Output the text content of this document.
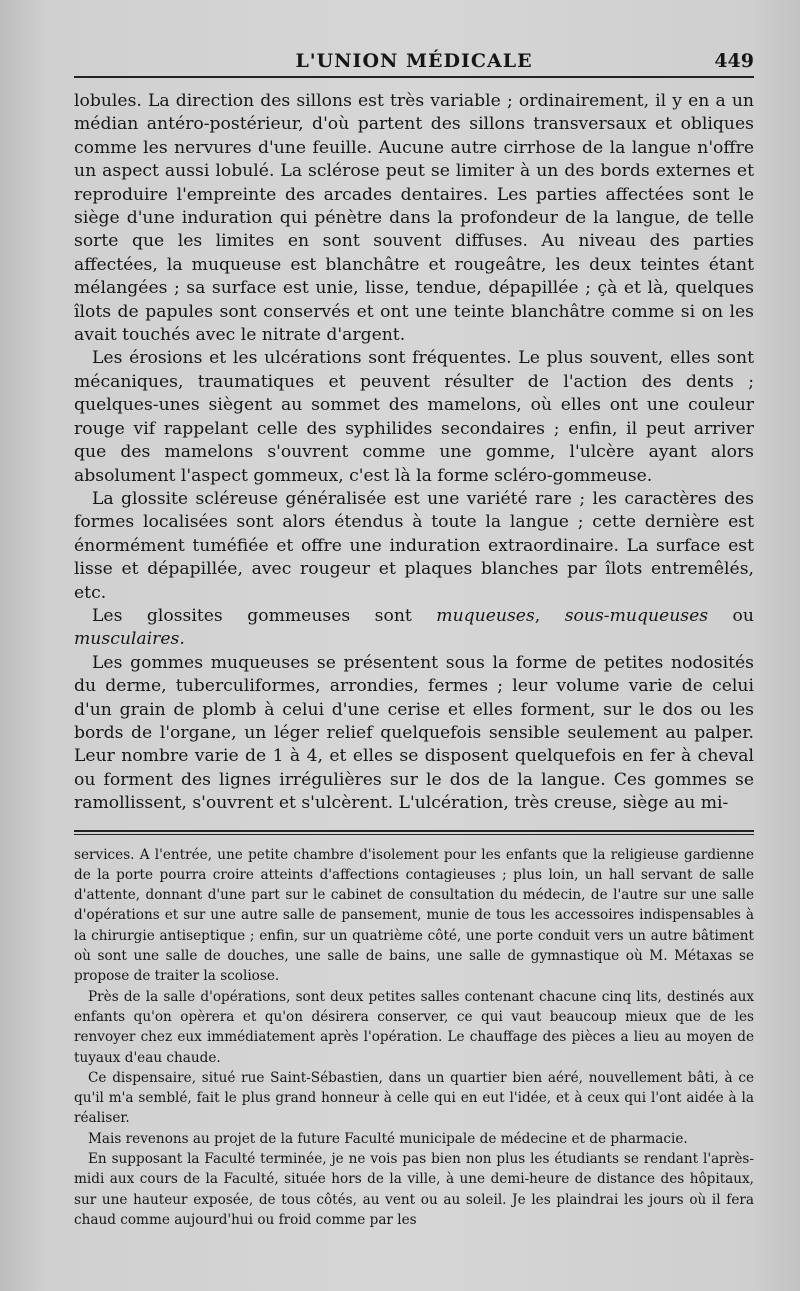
L'UNION MÉDICALE	449

lobules. La direction des sillons est très variable ; ordinairement, il y en a un médian antéro-postérieur, d'où partent des sillons transversaux et obliques comme les nervures d'une feuille. Aucune autre cirrhose de la langue n'offre un aspect aussi lobulé. La sclérose peut se limiter à un des bords externes et reproduire l'empreinte des arcades dentaires. Les parties affectées sont le siège d'une induration qui pénètre dans la profondeur de la langue, de telle sorte que les limites en sont souvent diffuses. Au niveau des parties affectées, la muqueuse est blanchâtre et rougeâtre, les deux teintes étant mélangées ; sa surface est unie, lisse, tendue, dépapillée ; çà et là, quelques îlots de papules sont conservés et ont une teinte blanchâtre comme si on les avait touchés avec le nitrate d'argent.

Les érosions et les ulcérations sont fréquentes. Le plus souvent, elles sont mécaniques, traumatiques et peuvent résulter de l'action des dents ; quelques-unes siègent au sommet des mamelons, où elles ont une couleur rouge vif rappelant celle des syphilides secondaires ; enfin, il peut arriver que des mamelons s'ouvrent comme une gomme, l'ulcère ayant alors absolument l'aspect gommeux, c'est là la forme scléro-gommeuse.

La glossite scléreuse généralisée est une variété rare ; les caractères des formes localisées sont alors étendus à toute la langue ; cette dernière est énormément tuméfiée et offre une induration extraordinaire. La surface est lisse et dépapillée, avec rougeur et plaques blanches par îlots entremêlés, etc.

Les glossites gommeuses sont muqueuses, sous-muqueuses ou musculaires.

Les gommes muqueuses se présentent sous la forme de petites nodosités du derme, tuberculiformes, arrondies, fermes ; leur volume varie de celui d'un grain de plomb à celui d'une cerise et elles forment, sur le dos ou les bords de l'organe, un léger relief quelquefois sensible seulement au palper. Leur nombre varie de 1 à 4, et elles se disposent quelquefois en fer à cheval ou forment des lignes irrégulières sur le dos de la langue. Ces gommes se ramollissent, s'ouvrent et s'ulcèrent. L'ulcération, très creuse, siège au mi-

services. A l'entrée, une petite chambre d'isolement pour les enfants que la religieuse gardienne de la porte pourra croire atteints d'affections contagieuses ; plus loin, un hall servant de salle d'attente, donnant d'une part sur le cabinet de consultation du médecin, de l'autre sur une salle d'opérations et sur une autre salle de pansement, munie de tous les accessoires indispensables à la chirurgie antiseptique ; enfin, sur un quatrième côté, une porte conduit vers un autre bâtiment où sont une salle de douches, une salle de bains, une salle de gymnastique où M. Métaxas se propose de traiter la scoliose.

Près de la salle d'opérations, sont deux petites salles contenant chacune cinq lits, destinés aux enfants qu'on opèrera et qu'on désirera conserver, ce qui vaut beaucoup mieux que de les renvoyer chez eux immédiatement après l'opération. Le chauffage des pièces a lieu au moyen de tuyaux d'eau chaude.

Ce dispensaire, situé rue Saint-Sébastien, dans un quartier bien aéré, nouvellement bâti, à ce qu'il m'a semblé, fait le plus grand honneur à celle qui en eut l'idée, et à ceux qui l'ont aidée à la réaliser.

Mais revenons au projet de la future Faculté municipale de médecine et de pharmacie.

En supposant la Faculté terminée, je ne vois pas bien non plus les étudiants se rendant l'après-midi aux cours de la Faculté, située hors de la ville, à une demi-heure de distance des hôpitaux, sur une hauteur exposée, de tous côtés, au vent ou au soleil. Je les plaindrai les jours où il fera chaud comme aujourd'hui ou froid comme par les
